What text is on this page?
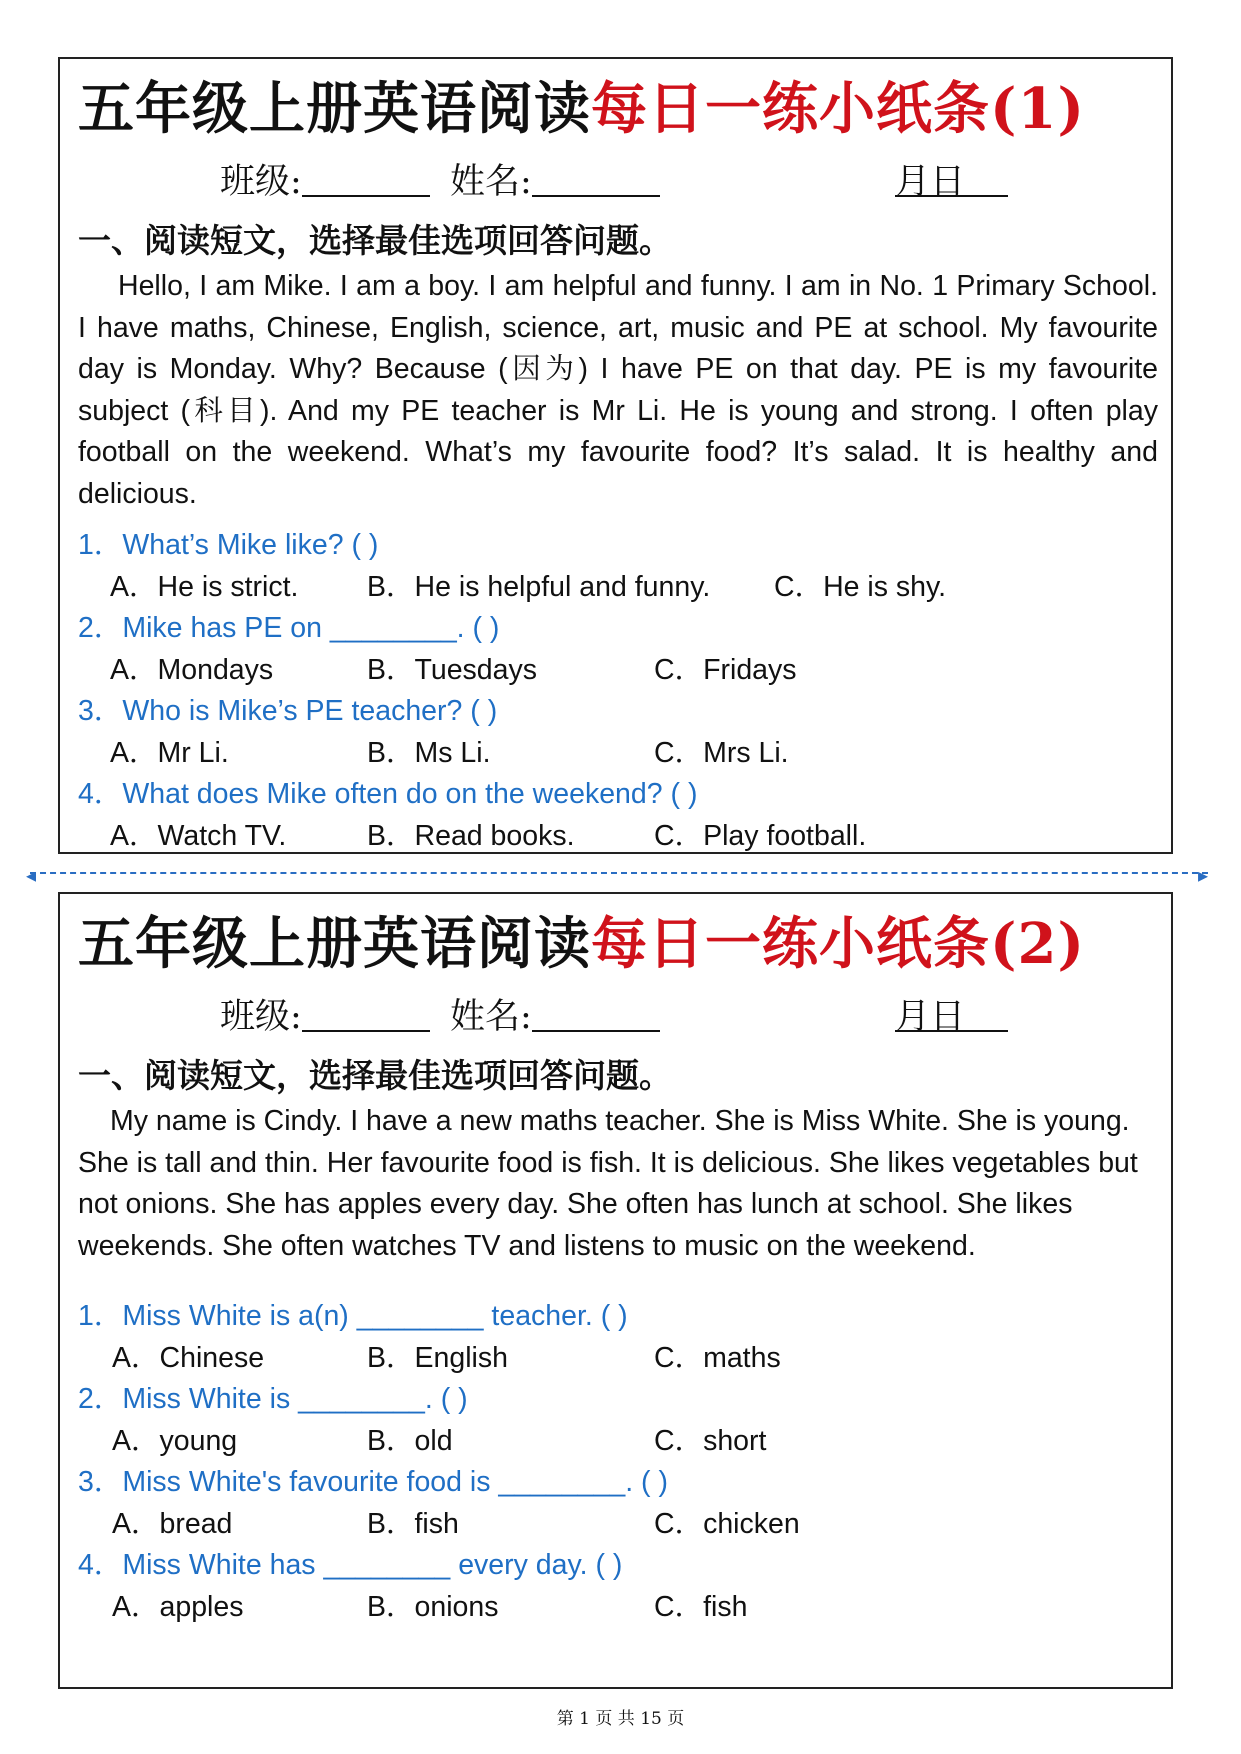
五年级上册英语阅读每日一练小纸条(1)
班级:	姓名:	月
日
一、阅读短文，选择最佳选项回答问题。
Hello, I am Mike. I am a boy. I am helpful and funny. I am in No. 1 Primary School. I have maths, Chinese, English, science, art, music and PE at school. My favourite day is Monday. Why? Because (因为) I have PE on that day. PE is my favourite subject (科目). And my PE teacher is Mr Li. He is young and strong. I often play football on the weekend. What’s my favourite food? It’s salad. It is healthy and delicious.
1．What’s Mike like? ( )
A．He is strict. B．He is helpful and funny. C．He is shy.
2．Mike has PE on ________. ( )
A．Mondays	B．Tuesdays	C．Fridays
3．Who is Mike’s PE teacher? ( )
A．Mr Li.	B．Ms Li.	C．Mrs Li.
4．What does Mike often do on the weekend? ( )
A．Watch TV.	B．Read books.	C．Play football.
◂	▸
五年级上册英语阅读每日一练小纸条(2)
班级:	姓名:	月
日
一、阅读短文，选择最佳选项回答问题。
My name is Cindy. I have a new maths teacher. She is Miss White. She is young. She is tall and thin. Her favourite food is fish. It is delicious. She likes vegetables but not onions. She has apples every day. She often has lunch at school. She likes weekends. She often watches TV and listens to music on the weekend.
1．Miss White is a(n) ________ teacher. ( )
A．Chinese	B．English	C．maths
2．Miss White is ________. ( )
A．young	B．old	C．short
3．Miss White's favourite food is ________. ( )
A．bread	B．fish	C．chicken
4．Miss White has ________ every day. ( )
A．apples	B．onions	C．fish
第 1 页 共 15 页
